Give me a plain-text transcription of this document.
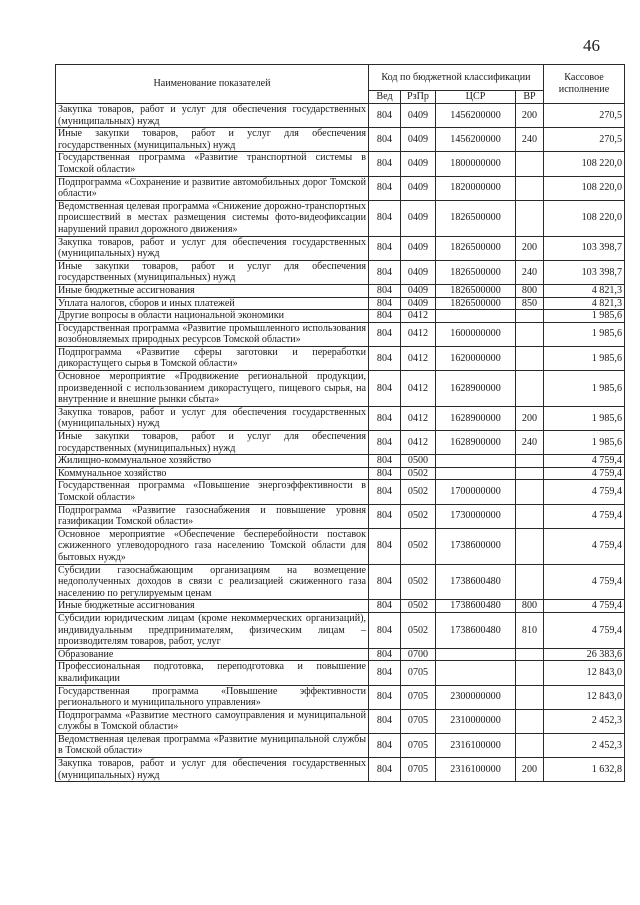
46
Наименование показателей	Код по бюджетной классификации				Кассовое исполнение
	Вед	РзПр	ЦСР	ВР	
Закупка товаров, работ и услуг для обеспечения государственных (муниципальных) нужд	804	0409	1456200000	200	270,5
Иные закупки товаров, работ и услуг для обеспечения государственных (муниципальных) нужд	804	0409	1456200000	240	270,5
Государственная программа «Развитие транспортной системы в Томской области»	804	0409	1800000000		108 220,0
Подпрограмма «Сохранение и развитие автомобильных дорог Томской области»	804	0409	1820000000		108 220,0
Ведомственная целевая программа «Снижение дорожно-транспортных происшествий в местах размещения системы фото-видеофиксации нарушений правил дорожного движения»	804	0409	1826500000		108 220,0
Закупка товаров, работ и услуг для обеспечения государственных (муниципальных) нужд	804	0409	1826500000	200	103 398,7
Иные закупки товаров, работ и услуг для обеспечения государственных (муниципальных) нужд	804	0409	1826500000	240	103 398,7
Иные бюджетные ассигнования	804	0409	1826500000	800	4 821,3
Уплата налогов, сборов и иных платежей	804	0409	1826500000	850	4 821,3
Другие вопросы в области национальной экономики	804	0412			1 985,6
Государственная программа «Развитие промышленного использования возобновляемых природных ресурсов Томской области»	804	0412	1600000000		1 985,6
Подпрограмма «Развитие сферы заготовки и переработки дикорастущего сырья в Томской области»	804	0412	1620000000		1 985,6
Основное мероприятие «Продвижение региональной продукции, произведенной с использованием дикорастущего, пищевого сырья, на внутренние и внешние рынки сбыта»	804	0412	1628900000		1 985,6
Закупка товаров, работ и услуг для обеспечения государственных (муниципальных) нужд	804	0412	1628900000	200	1 985,6
Иные закупки товаров, работ и услуг для обеспечения государственных (муниципальных) нужд	804	0412	1628900000	240	1 985,6
Жилищно-коммунальное хозяйство	804	0500			4 759,4
Коммунальное хозяйство	804	0502			4 759,4
Государственная программа «Повышение энергоэффективности в Томской области»	804	0502	1700000000		4 759,4
Подпрограмма «Развитие газоснабжения и повышение уровня газификации Томской области»	804	0502	1730000000		4 759,4
Основное мероприятие «Обеспечение бесперебойности поставок сжиженного углеводородного газа населению Томской области для бытовых нужд»	804	0502	1738600000		4 759,4
Субсидии газоснабжающим организациям на возмещение недополученных доходов в связи с реализацией сжиженного газа населению по регулируемым ценам	804	0502	1738600480		4 759,4
Иные бюджетные ассигнования	804	0502	1738600480	800	4 759,4
Субсидии юридическим лицам (кроме некоммерческих организаций), индивидуальным предпринимателям, физическим лицам – производителям товаров, работ, услуг	804	0502	1738600480	810	4 759,4
Образование	804	0700			26 383,6
Профессиональная подготовка, переподготовка и повышение квалификации	804	0705			12 843,0
Государственная программа «Повышение эффективности регионального и муниципального управления»	804	0705	2300000000		12 843,0
Подпрограмма «Развитие местного самоуправления и муниципальной службы в Томской области»	804	0705	2310000000		2 452,3
Ведомственная целевая программа «Развитие муниципальной службы в Томской области»	804	0705	2316100000		2 452,3
Закупка товаров, работ и услуг для обеспечения государственных (муниципальных) нужд	804	0705	2316100000	200	1 632,8
